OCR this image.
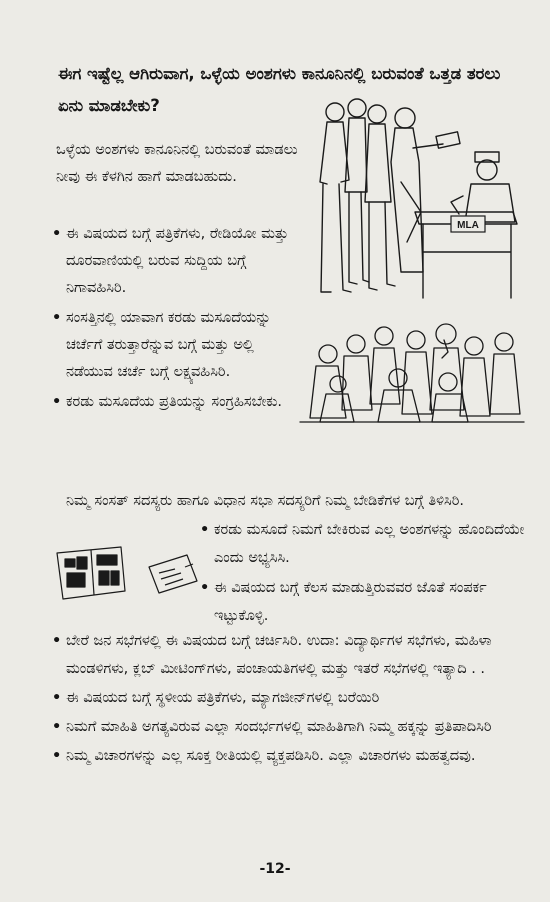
ಈಗ ಇಷ್ಟೆಲ್ಲ ಆಗಿರುವಾಗ, ಒಳ್ಳೆಯ ಅಂಶಗಳು ಕಾನೂನಿನಲ್ಲಿ ಬರುವಂತೆ ಒತ್ತಡ ತರಲು ಏನು ಮಾಡಬೇಕು?
ಒಳ್ಳೆಯ ಅಂಶಗಳು ಕಾನೂನಿನಲ್ಲಿ ಬರುವಂತೆ ಮಾಡಲು ನೀವು ಈ ಕೆಳಗಿನ ಹಾಗೆ ಮಾಡಬಹುದು.
• ಈ ವಿಷಯದ ಬಗ್ಗೆ ಪತ್ರಿಕೆಗಳು, ರೇಡಿಯೋ ಮತ್ತು ದೂರವಾಣಿಯಲ್ಲಿ ಬರುವ ಸುದ್ದಿಯ ಬಗ್ಗೆ ನಿಗಾವಹಿಸಿರಿ.
• ಸಂಸತ್ತಿನಲ್ಲಿ ಯಾವಾಗ ಕರಡು ಮಸೂದೆಯನ್ನು ಚರ್ಚೆಗೆ ತರುತ್ತಾರೆನ್ನುವ ಬಗ್ಗೆ ಮತ್ತು ಅಲ್ಲಿ ನಡೆಯುವ ಚರ್ಚೆ ಬಗ್ಗೆ ಲಕ್ಷ್ಯವಹಿಸಿರಿ.
• ಕರಡು ಮಸೂದೆಯ ಪ್ರತಿಯನ್ನು ಸಂಗ್ರಹಿಸಬೇಕು.
ನಿಮ್ಮ ಸಂಸತ್ ಸದಸ್ಯರು ಹಾಗೂ ವಿಧಾನ ಸಭಾ ಸದಸ್ಯರಿಗೆ ನಿಮ್ಮ ಬೇಡಿಕೆಗಳ ಬಗ್ಗೆ ತಿಳಿಸಿರಿ.
• ಕರಡು ಮಸೂದೆ ನಿಮಗೆ ಬೇಕಿರುವ ಎಲ್ಲ ಅಂಶಗಳನ್ನು ಹೊಂದಿದೆಯೇ ಎಂದು ಅಭ್ಯಸಿಸಿ.
• ಈ ವಿಷಯದ ಬಗ್ಗೆ ಕೆಲಸ ಮಾಡುತ್ತಿರುವವರ ಜೊತೆ ಸಂಪರ್ಕ ಇಟ್ಟುಕೊಳ್ಳಿ.
• ಬೇರೆ ಜನ ಸಭೆಗಳಲ್ಲಿ ಈ ವಿಷಯದ ಬಗ್ಗೆ ಚರ್ಚಿಸಿರಿ. ಉದಾ: ವಿದ್ಯಾರ್ಥಿಗಳ ಸಭೆಗಳು, ಮಹಿಳಾ ಮಂಡಳಿಗಳು, ಕ್ಲಬ್ ಮೀಟಿಂಗ್‌ಗಳು, ಪಂಚಾಯತಿಗಳಲ್ಲಿ ಮತ್ತು ಇತರೆ ಸಭೆಗಳಲ್ಲಿ ಇತ್ಯಾದಿ . .
• ಈ ವಿಷಯದ ಬಗ್ಗೆ ಸ್ಥಳೀಯ ಪತ್ರಿಕೆಗಳು, ಮ್ಯಾಗಜೀನ್‌ಗಳಲ್ಲಿ ಬರೆಯಿರಿ
• ನಿಮಗೆ ಮಾಹಿತಿ ಅಗತ್ಯವಿರುವ ಎಲ್ಲಾ ಸಂದರ್ಭಗಳಲ್ಲಿ ಮಾಹಿತಿಗಾಗಿ ನಿಮ್ಮ ಹಕ್ಕನ್ನು ಪ್ರತಿಪಾದಿಸಿರಿ
• ನಿಮ್ಮ ವಿಚಾರಗಳನ್ನು ಎಲ್ಲ ಸೂಕ್ತ ರೀತಿಯಲ್ಲಿ ವ್ಯಕ್ತಪಡಿಸಿರಿ. ಎಲ್ಲಾ ವಿಚಾರಗಳು ಮಹತ್ವದವು.
-12-
MLA
